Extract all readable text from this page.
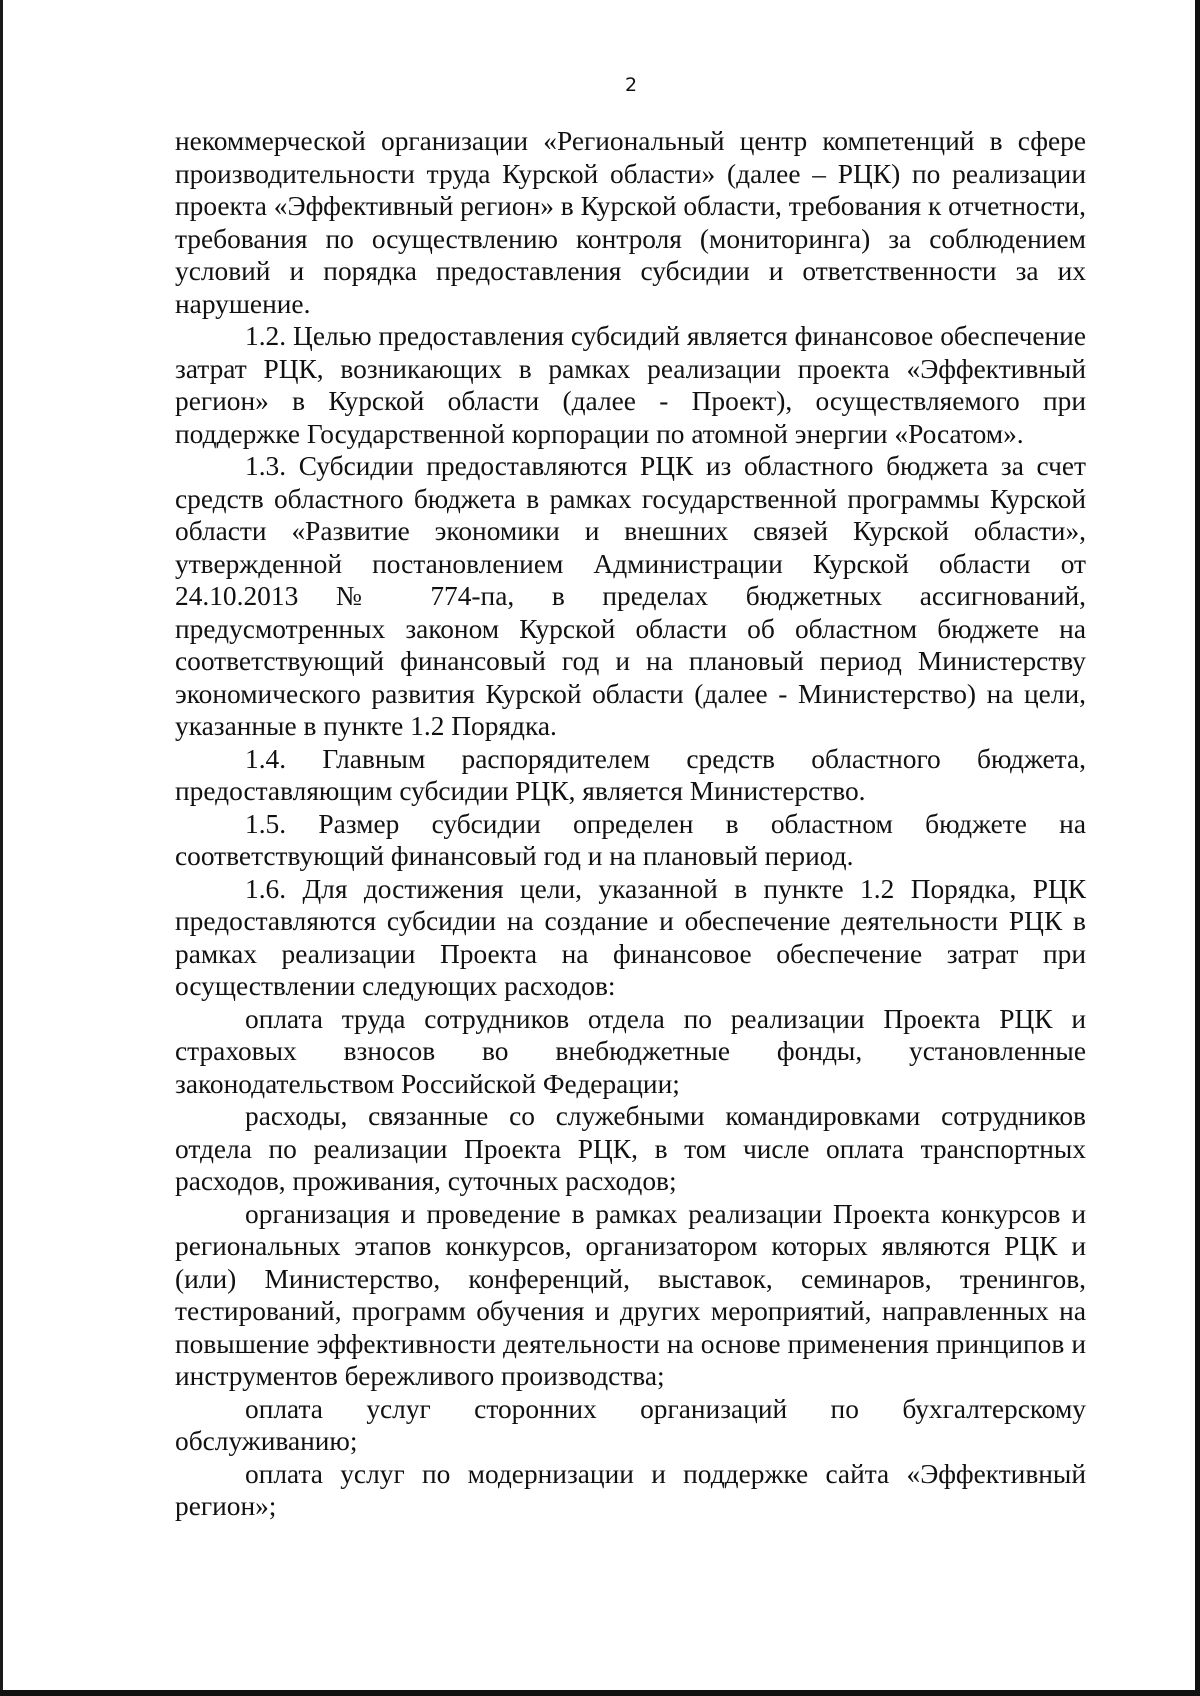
2

некоммерческой организации «Региональный центр компетенций в сфере производительности труда Курской области» (далее – РЦК) по реализации проекта «Эффективный регион» в Курской области, требования к отчетности, требования по осуществлению контроля (мониторинга) за соблюдением условий и порядка предоставления субсидии и ответственности за их нарушение.

1.2. Целью предоставления субсидий является финансовое обеспечение затрат РЦК, возникающих в рамках реализации проекта «Эффективный регион» в Курской области (далее - Проект), осуществляемого при поддержке Государственной корпорации по атомной энергии «Росатом».

1.3. Субсидии предоставляются РЦК из областного бюджета за счет средств областного бюджета в рамках государственной программы Курской области «Развитие экономики и внешних связей Курской области», утвержденной постановлением Администрации Курской области от 24.10.2013 № 774-па, в пределах бюджетных ассигнований, предусмотренных законом Курской области об областном бюджете на соответствующий финансовый год и на плановый период Министерству экономического развития Курской области (далее - Министерство) на цели, указанные в пункте 1.2 Порядка.

1.4. Главным распорядителем средств областного бюджета, предоставляющим субсидии РЦК, является Министерство.

1.5. Размер субсидии определен в областном бюджете на соответствующий финансовый год и на плановый период.

1.6. Для достижения цели, указанной в пункте 1.2 Порядка, РЦК предоставляются субсидии на создание и обеспечение деятельности РЦК в рамках реализации Проекта на финансовое обеспечение затрат при осуществлении следующих расходов:

оплата труда сотрудников отдела по реализации Проекта РЦК и страховых взносов во внебюджетные фонды, установленные законодательством Российской Федерации;

расходы, связанные со служебными командировками сотрудников отдела по реализации Проекта РЦК, в том числе оплата транспортных расходов, проживания, суточных расходов;

организация и проведение в рамках реализации Проекта конкурсов и региональных этапов конкурсов, организатором которых являются РЦК и (или) Министерство, конференций, выставок, семинаров, тренингов, тестирований, программ обучения и других мероприятий, направленных на повышение эффективности деятельности на основе применения принципов и инструментов бережливого производства;

оплата услуг сторонних организаций по бухгалтерскому обслуживанию;

оплата услуг по модернизации и поддержке сайта «Эффективный регион»;
